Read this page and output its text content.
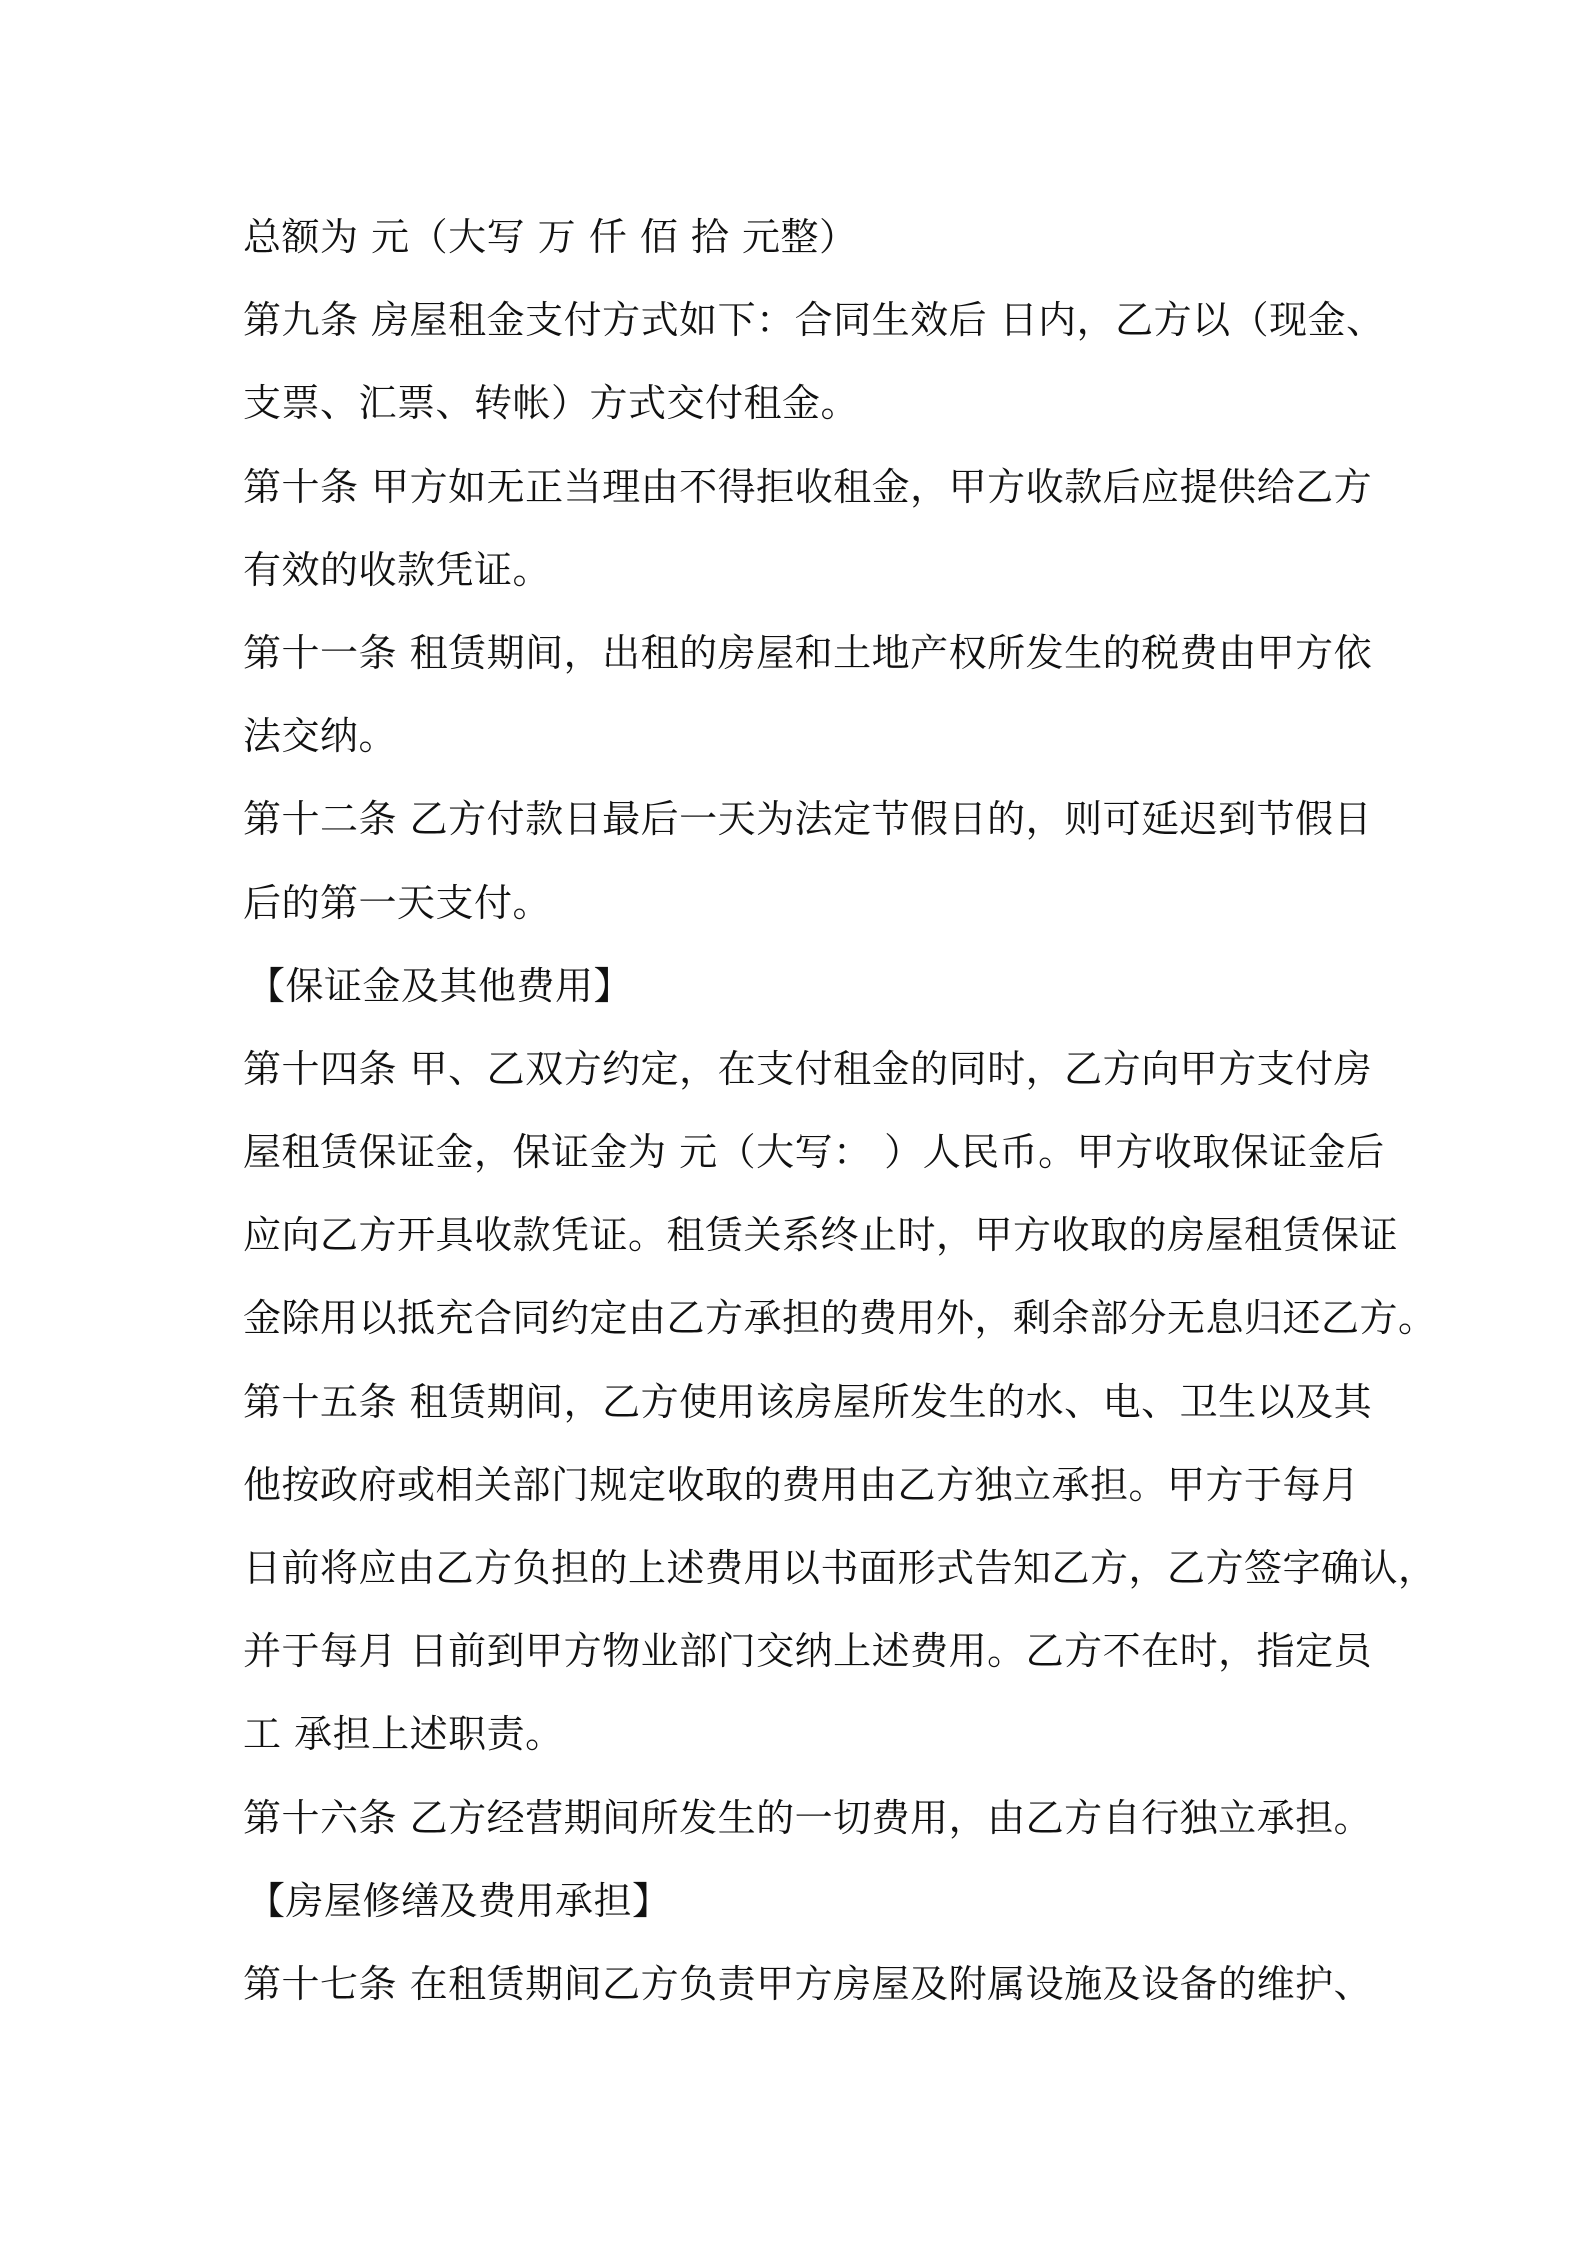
总额为 元（大写 万 仟 佰 拾 元整）
第九条 房屋租金支付方式如下：合同生效后 日内，乙方以（现金、
支票、汇票、转帐）方式交付租金。
第十条 甲方如无正当理由不得拒收租金，甲方收款后应提供给乙方
有效的收款凭证。
第十一条 租赁期间，出租的房屋和土地产权所发生的税费由甲方依
法交纳。
第十二条 乙方付款日最后一天为法定节假日的，则可延迟到节假日
后的第一天支付。
【保证金及其他费用】
第十四条 甲、乙双方约定，在支付租金的同时，乙方向甲方支付房
屋租赁保证金，保证金为 元（大写： ）人民币。甲方收取保证金后
应向乙方开具收款凭证。租赁关系终止时，甲方收取的房屋租赁保证
金除用以抵充合同约定由乙方承担的费用外，剩余部分无息归还乙方。
第十五条 租赁期间，乙方使用该房屋所发生的水、电、卫生以及其
他按政府或相关部门规定收取的费用由乙方独立承担。甲方于每月
日前将应由乙方负担的上述费用以书面形式告知乙方，乙方签字确认，
并于每月 日前到甲方物业部门交纳上述费用。乙方不在时，指定员
工 承担上述职责。
第十六条 乙方经营期间所发生的一切费用，由乙方自行独立承担。
【房屋修缮及费用承担】
第十七条 在租赁期间乙方负责甲方房屋及附属设施及设备的维护、
